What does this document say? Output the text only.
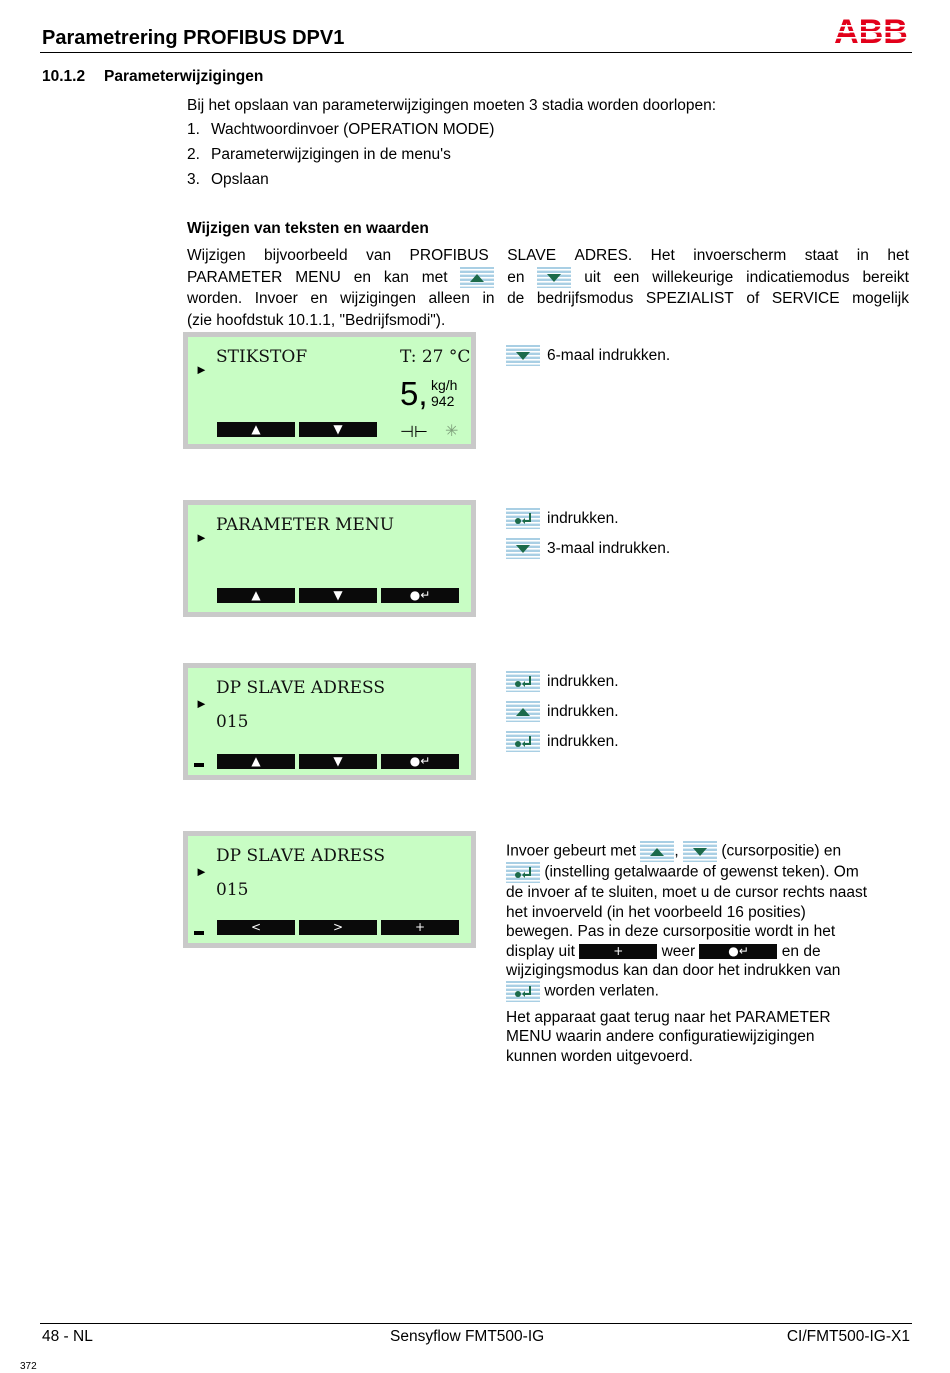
Parametrering PROFIBUS DPV1
10.1.2 Parameterwijzigingen
Bij het opslaan van parameterwijzigingen moeten 3 stadia worden doorlopen:
1. Wachtwoordinvoer (OPERATION MODE)
2. Parameterwijzigingen in de menu's
3. Opslaan
Wijzigen van teksten en waarden
Wijzigen bijvoorbeeld van PROFIBUS SLAVE ADRES. Het invoerscherm staat in het
PARAMETER MENU en kan met	en	uit een willekeurige indicatiemodus bereikt
worden. Invoer en wijzigingen alleen in de bedrijfsmodus SPEZIALIST of SERVICE mogelijk
(zie hoofdstuk 10.1.1, "Bedrijfsmodi").
STIKSTOF	T: 27 °C
►
5, kg/h
942
▲	▼	⊣⊢ ✳
6-maal indrukken.
PARAMETER MENU
►
▲	▼	●↵
indrukken.
3-maal indrukken.
DP SLAVE ADRESS
015
►
▲	▼	●↵
indrukken.
indrukken.
indrukken.
DP SLAVE ADRESS
015
►
<	>	+
Invoer gebeurt met ,	(cursorpositie) en
(instelling getalwaarde of gewenst teken). Om
de invoer af te sluiten, moet u de cursor rechts naast
het invoerveld (in het voorbeeld 16 posities)
bewegen. Pas in deze cursorpositie wordt in het
display uit	+ weer	●↵ en de
wijzigingsmodus kan dan door het indrukken van
worden verlaten.
Het apparaat gaat terug naar het PARAMETER
MENU waarin andere configuratiewijzigingen
kunnen worden uitgevoerd.
48 - NL	Sensyflow FMT500-IG	CI/FMT500-IG-X1
372
